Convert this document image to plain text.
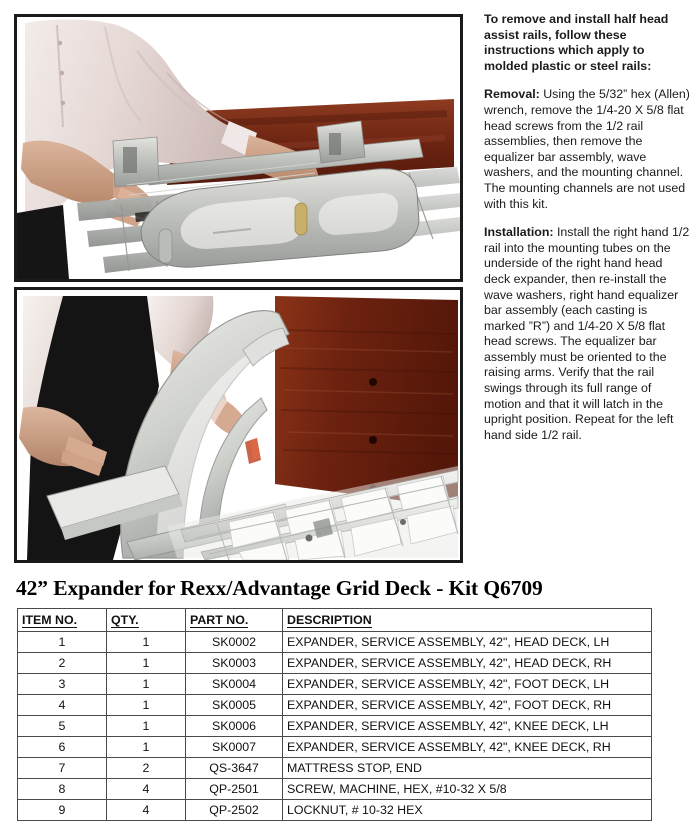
To remove and install half head assist rails, follow these instructions which apply to molded plastic or steel rails:

Removal: Using the 5/32” hex (Allen) wrench, remove the 1/4-20 X 5/8 flat head screws from the 1/2 rail assemblies, then remove the equalizer bar assembly, wave washers, and the mounting channel. The mounting channels are not used with this kit.

Installation: Install the right hand 1/2 rail into the mounting tubes on the underside of the right hand head deck expander, then re-install the wave washers, right hand equalizer bar assembly (each casting is marked ”R”) and 1/4-20 X 5/8 flat head screws. The equalizer bar assembly must be oriented to the raising arms. Verify that the rail swings through its full range of motion and that it will latch in the upright position. Repeat for the left hand side 1/2 rail.

42” Expander for Rexx/Advantage Grid Deck - Kit Q6709
ITEM NO.	QTY.	PART NO.	DESCRIPTION
1	1	SK0002	EXPANDER, SERVICE ASSEMBLY, 42", HEAD DECK, LH
2	1	SK0003	EXPANDER, SERVICE ASSEMBLY, 42", HEAD DECK, RH
3	1	SK0004	EXPANDER, SERVICE ASSEMBLY, 42", FOOT DECK, LH
4	1	SK0005	EXPANDER, SERVICE ASSEMBLY, 42", FOOT DECK, RH
5	1	SK0006	EXPANDER, SERVICE ASSEMBLY, 42", KNEE DECK, LH
6	1	SK0007	EXPANDER, SERVICE ASSEMBLY, 42", KNEE DECK, RH
7	2	QS-3647	MATTRESS STOP, END
8	4	QP-2501	SCREW, MACHINE, HEX, #10-32 X 5/8
9	4	QP-2502	LOCKNUT, # 10-32 HEX
